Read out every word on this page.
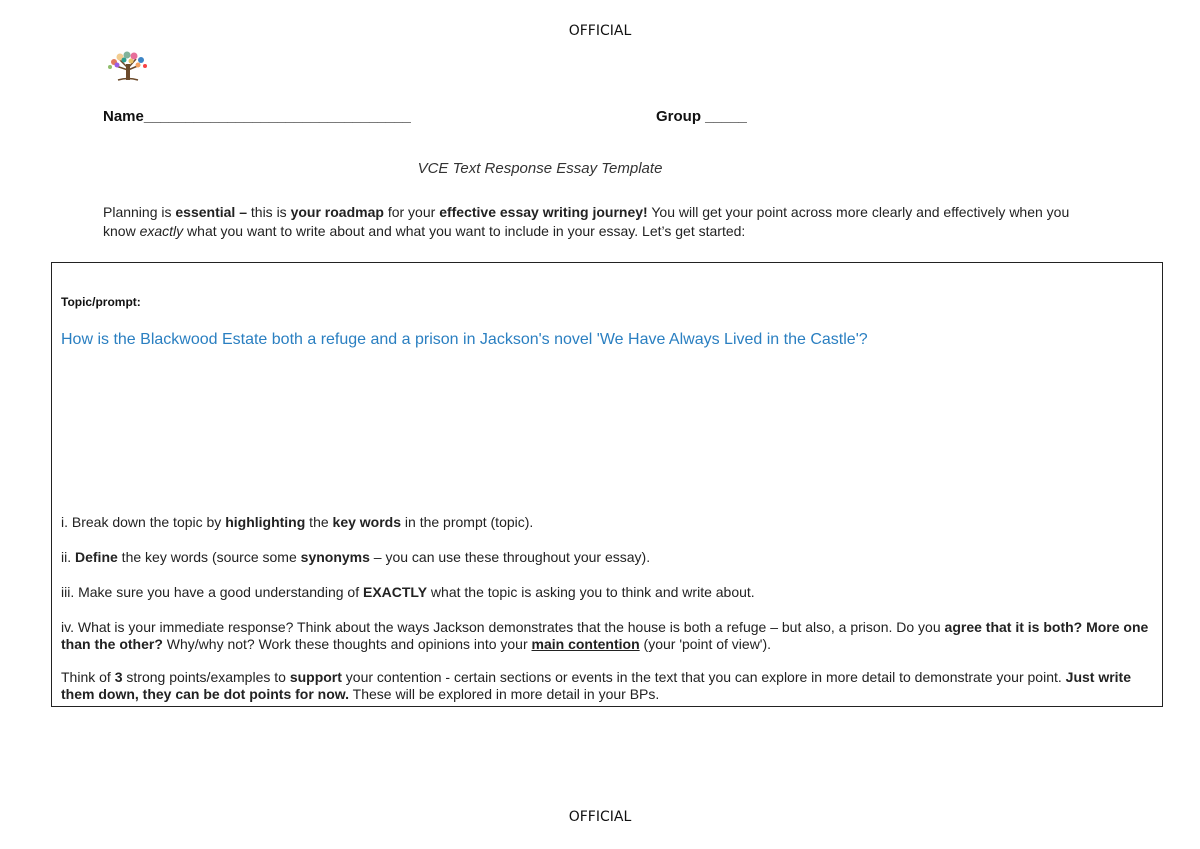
OFFICIAL
Name________________________________	Group _____
VCE Text Response Essay Template
Planning is essential – this is your roadmap for your effective essay writing journey! You will get your point across more clearly and effectively when you know exactly what you want to write about and what you want to include in your essay. Let’s get started:
Topic/prompt:
How is the Blackwood Estate both a refuge and a prison in Jackson's novel 'We Have Always Lived in the Castle'?

i. Break down the topic by highlighting the key words in the prompt (topic).

ii. Define the key words (source some synonyms – you can use these throughout your essay).

iii. Make sure you have a good understanding of EXACTLY what the topic is asking you to think and write about.

iv. What is your immediate response? Think about the ways Jackson demonstrates that the house is both a refuge – but also, a prison. Do you agree that it is both? More one than the other? Why/why not? Work these thoughts and opinions into your main contention (your 'point of view').

Think of 3 strong points/examples to support your contention - certain sections or events in the text that you can explore in more detail to demonstrate your point. Just write them down, they can be dot points for now. These will be explored in more detail in your BPs.

OFFICIAL
